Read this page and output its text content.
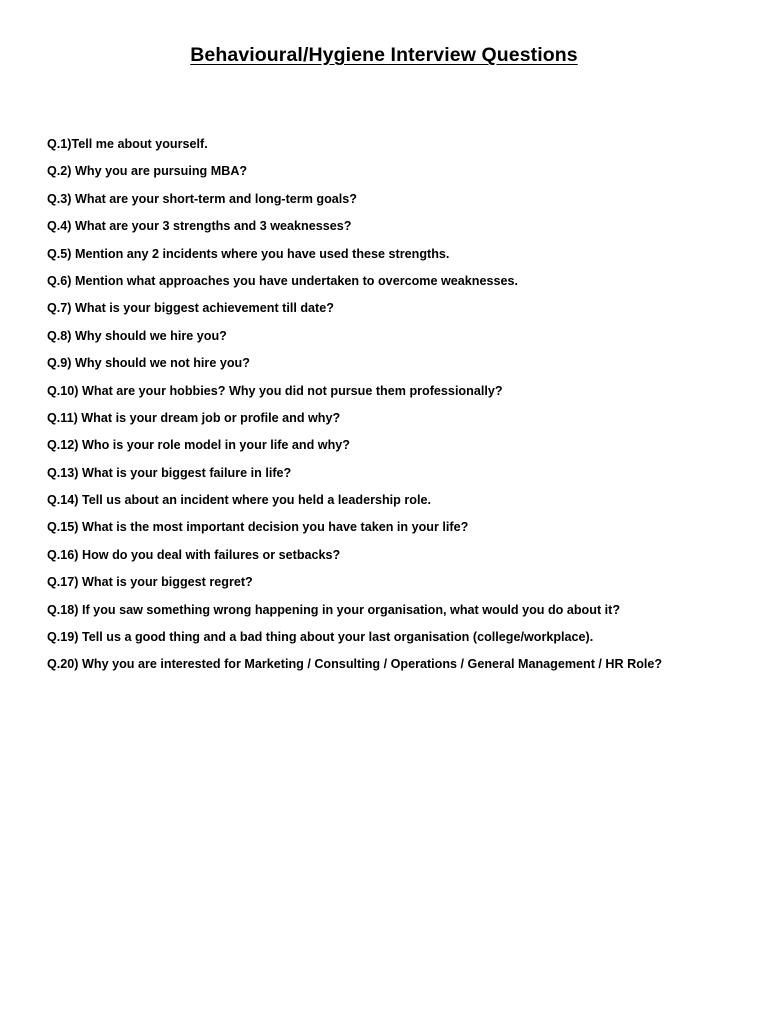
Behavioural/Hygiene Interview Questions
Q.1)Tell me about yourself.
Q.2) Why you are pursuing MBA?
Q.3) What are your short-term and long-term goals?
Q.4) What are your 3 strengths and 3 weaknesses?
Q.5) Mention any 2 incidents where you have used these strengths.
Q.6) Mention what approaches you have undertaken to overcome weaknesses.
Q.7) What is your biggest achievement till date?
Q.8) Why should we hire you?
Q.9) Why should we not hire you?
Q.10) What are your hobbies? Why you did not pursue them professionally?
Q.11) What is your dream job or profile and why?
Q.12) Who is your role model in your life and why?
Q.13) What is your biggest failure in life?
Q.14) Tell us about an incident where you held a leadership role.
Q.15) What is the most important decision you have taken in your life?
Q.16) How do you deal with failures or setbacks?
Q.17) What is your biggest regret?
Q.18) If you saw something wrong happening in your organisation, what would you do about it?
Q.19) Tell us a good thing and a bad thing about your last organisation (college/workplace).
Q.20) Why you are interested for Marketing / Consulting / Operations / General Management / HR Role?
